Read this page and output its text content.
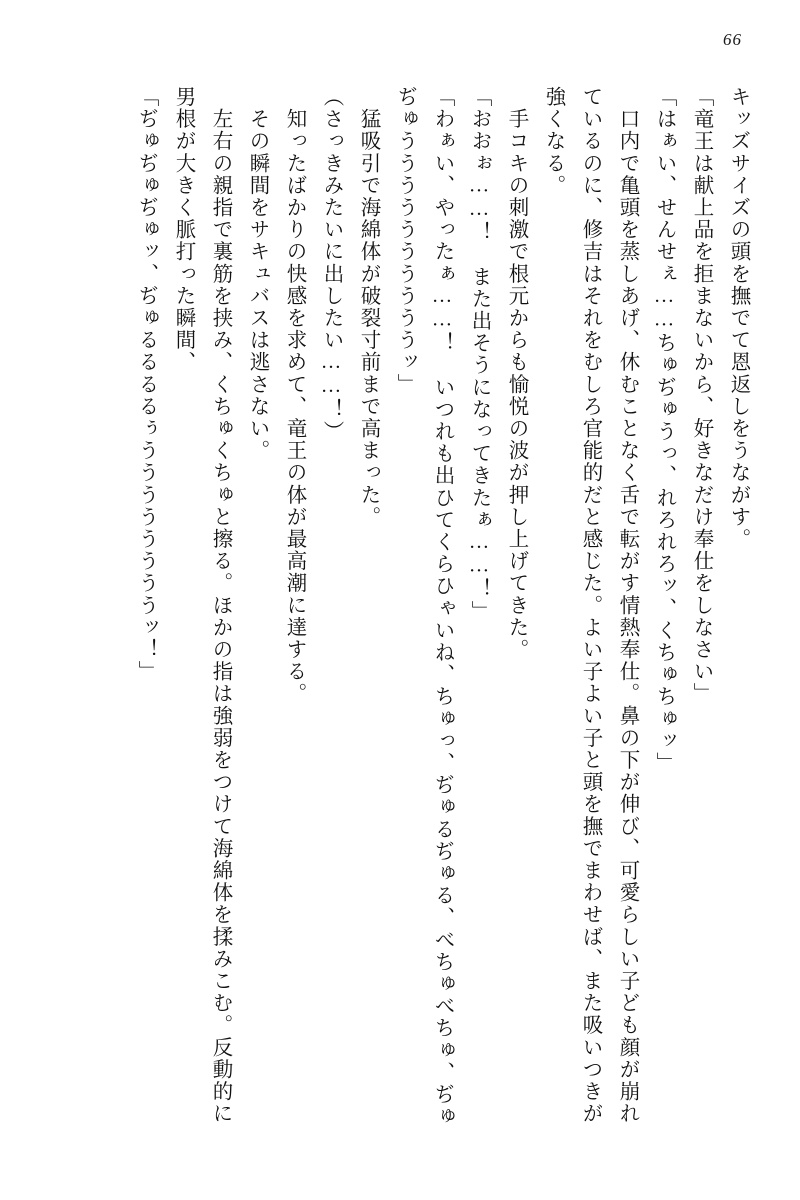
66

キッズサイズの頭を撫でて恩返しをうながす。

「竜王は献上品を拒まないから、好きなだけ奉仕をしなさい」

「はぁい、せんせぇ……ちゅぢゅうっ、れろれろッ、くちゅちゅッ」

　口内で亀頭を蒸しあげ、休むことなく舌で転がす情熱奉仕。鼻の下が伸び、可愛らしい子ども顔が崩れているのに、修吉はそれをむしろ官能的だと感じた。よい子よい子と頭を撫でまわせば、また吸いつきが強くなる。

　手コキの刺激で根元からも愉悦の波が押し上げてきた。

「おおぉ……！　また出そうになってきたぁ……！」

「わぁい、やったぁ……！　いつれも出ひてくらひゃいね、ちゅっ、ぢゅるぢゅる、べちゅべちゅ、ぢゅぢゅううううううううううッ」

　猛吸引で海綿体が破裂寸前まで高まった。

（さっきみたいに出したい……！）

　知ったばかりの快感を求めて、竜王の体が最高潮に達する。

　その瞬間をサキュバスは逃さない。

　左右の親指で裏筋を挟み、くちゅくちゅと擦る。ほかの指は強弱をつけて海綿体を揉みこむ。反動的に男根が大きく脈打った瞬間、

「ぢゅぢゅぢゅッ、ぢゅるるるるぅううううううううッ！」
